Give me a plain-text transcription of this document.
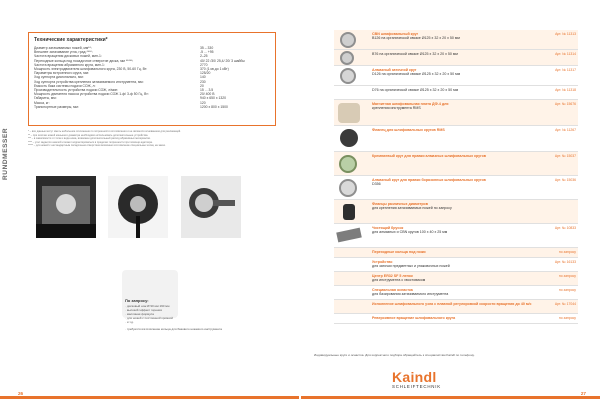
RUNDMESSER
Технические характеристики*
Диаметр затачиваемых ножей, мм**:	35 – 330
Внешнее затачивание угла, град.****:	-5 ... +95
Частота вращения дисковых ножей, мин-1:	2–25
Переходные кольца под посадочное отверстие диска, мм *****:	40/ 22 /30/ 25,4/ 20/ 3 шайбы
Частота вращения абразивного круга, мин-1:	2770
Мощность электродвигателя шлифовального круга, 230 В, 50-60 Гц, Вт:	370 (1 кв.до 1 кВт)
Параметры встроенного круга, мм:	125/20
Ход суппорта диагонально, мм:	140
Ход суппорта устройства крепления затачиваемого инструмента, мм:	230
Емкость бака системы подачи СОЖ, л:	20
Производительность устройства подачи СОЖ, л/мин:	15 ... 3.5
Мощность двигателя насоса устройства подачи СОЖ 1-ф/ 3-ф 50 Гц, Вт:	20/ 400 В
Габариты, мм:	940 x 650 x 1320
Масса, кг:	120
Транспортные размеры, мм:	1200 x 800 x 1500
* – все данные могут иметь небольшое отклонение по погрешности изготовления и не являются основанием для рекламаций.
** – при заточке ножей меньшего диаметра необходимо использовать дополнительные устройства.
*** – в зависимости от типа и вида ножа, возможен дополнительный расход абразивных материалов.
**** – угол задается шкалой и может корректироваться в пределах погрешности при помощи адаптера.
***** – для ножей с нестандартным посадочным отверстием возможно изготовление специальных колец на заказ.
По запросу:
· дисковый нож Ø 90 мм 190 мм
· высокий эффект горения
· масляная формула
· для ножей с постоянной кромкой
· и т.д.
· требуется изготовление кольца для бакового ножевого инструмента
26	27
CBN шлифовальный круг
B126 на органической связке Ø125 x 32 x 20 x 50 мм
Арт. № 11313
B76 на органической связке Ø125 x 32 x 20 x 50 мм	Арт. № 11314
Алмазный заточной круг
D126 на органической связке Ø125 x 32 x 20 x 50 мм
Арт. № 11317
D76 на органической связке Ø125 x 32 x 20 x 50 мм	Арт. № 11318
Магнитная шлифовальная плита ДФ-4 для
крепления инструмента RMS
Арт. № 15676
Фланец для шлифовальных кругов RMS	Арт. № 11267
Кремниевый круг для правки алмазных шлифовальных кругов	Арт. № 15037
Алмазный круг для правки боразонных шлифовальных кругов
D356
Арт. № 15036
Фланцы различных диаметров
для крепления затачиваемых ножей по запросу
Чистящий брусок
для алмазных и CBN кругов 100 x 40 x 25 мм
Арт. № 10833
Переходные кольца под ножи	по запросу
Устройство
для заточки предметных и упаковочных ножей
Арт. № 16133
Центр ER32 SF 5 лепок
для инструмента с хвостовиком
по запросу
Специальная оснастка
для базирования затачиваемого инструмента
по запросу
Исполнение шлифовального узла с плавной регулировкой скорости вращения до 40 м/с	Арт. № 17044
Реверсивное вращение шлифовального круга	по запросу
Индивидуальные круги и оснастка. Для корректного подбора обращайтесь к специалистам Kaindl по телефону.
Kaindl
SCHLEIFTECHNIK
